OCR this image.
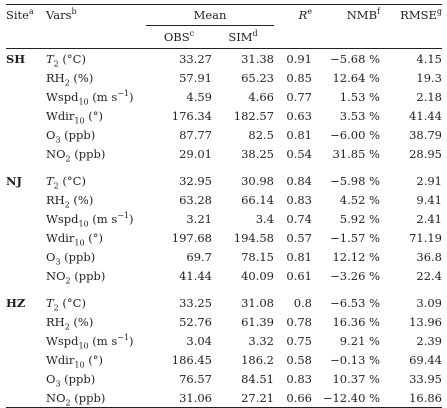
Site$^a$	Vars$^b$	Mean		$R^e$	NMB$^f$	RMSE$^g$
		OBS$^c$	SIM$^d$			
SH	$T_2$ (°C)	33.27	31.38	0.91	−5.68 %	4.15
	$RH_2$ (%)	57.91	65.23	0.85	12.64 %	19.3
	Wspd$_{10}$ (m $s^{-1}$)	4.59	4.66	0.77	1.53 %	2.18
	Wdir$_{10}$ (°)	176.34	182.57	0.63	3.53 %	41.44
	$O_3$ (ppb)	87.77	82.5	0.81	−6.00 %	38.79
	$NO_2$ (ppb)	29.01	38.25	0.54	31.85 %	28.95

NJ	$T_2$ (°C)	32.95	30.98	0.84	−5.98 %	2.91
	$RH_2$ (%)	63.28	66.14	0.83	4.52 %	9.41
	Wspd$_{10}$ (m $s^{-1}$)	3.21	3.4	0.74	5.92 %	2.41
	Wdir$_{10}$ (°)	197.68	194.58	0.57	−1.57 %	71.19
	$O_3$ (ppb)	69.7	78.15	0.81	12.12 %	36.8
	$NO_2$ (ppb)	41.44	40.09	0.61	−3.26 %	22.4

HZ	$T_2$ (°C)	33.25	31.08	0.8	−6.53 %	3.09
	$RH_2$ (%)	52.76	61.39	0.78	16.36 %	13.96
	Wspd$_{10}$ (m $s^{-1}$)	3.04	3.32	0.75	9.21 %	2.39
	Wdir$_{10}$ (°)	186.45	186.2	0.58	−0.13 %	69.44
	$O_3$ (ppb)	76.57	84.51	0.83	10.37 %	33.95
	$NO_2$ (ppb)	31.06	27.21	0.66	−12.40 %	16.86
